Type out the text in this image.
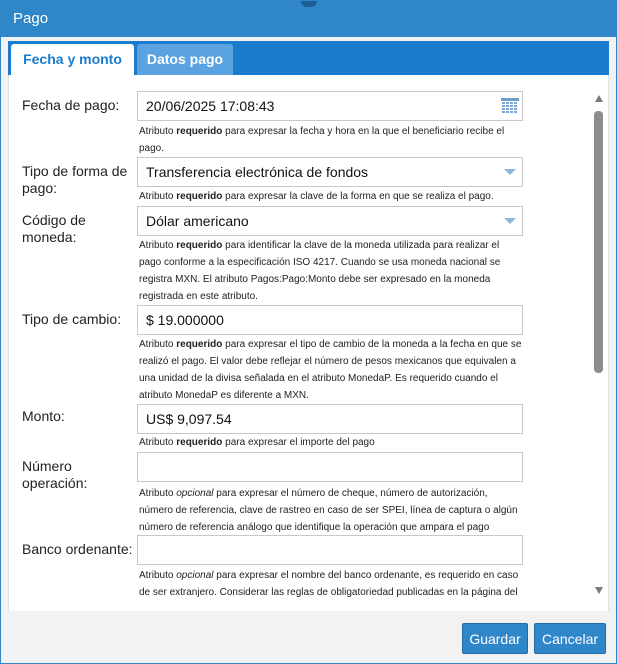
Pago
Fecha y monto	Datos pago
Fecha de pago:	20/06/2025 17:08:43
Atributo requerido para expresar la fecha y hora en la que el beneficiario recibe el pago.
Tipo de forma de pago:
Transferencia electrónica de fondos
Atributo requerido para expresar la clave de la forma en que se realiza el pago.
Código de moneda:
Dólar americano
Atributo requerido para identificar la clave de la moneda utilizada para realizar el pago conforme a la especificación ISO 4217. Cuando se usa moneda nacional se registra MXN. El atributo Pagos:Pago:Monto debe ser expresado en la moneda registrada en este atributo.
Tipo de cambio:	$ 19.000000
Atributo requerido para expresar el tipo de cambio de la moneda a la fecha en que se realizó el pago. El valor debe reflejar el número de pesos mexicanos que equivalen a una unidad de la divisa señalada en el atributo MonedaP. Es requerido cuando el atributo MonedaP es diferente a MXN.
Monto:	US$ 9,097.54
Atributo requerido para expresar el importe del pago
Número operación:
Atributo opcional para expresar el número de cheque, número de autorización, número de referencia, clave de rastreo en caso de ser SPEI, línea de captura o algún número de referencia análogo que identifique la operación que ampara el pago
Banco ordenante:
Atributo opcional para expresar el nombre del banco ordenante, es requerido en caso de ser extranjero. Considerar las reglas de obligatoriedad publicadas en la página del
Guardar	Cancelar
